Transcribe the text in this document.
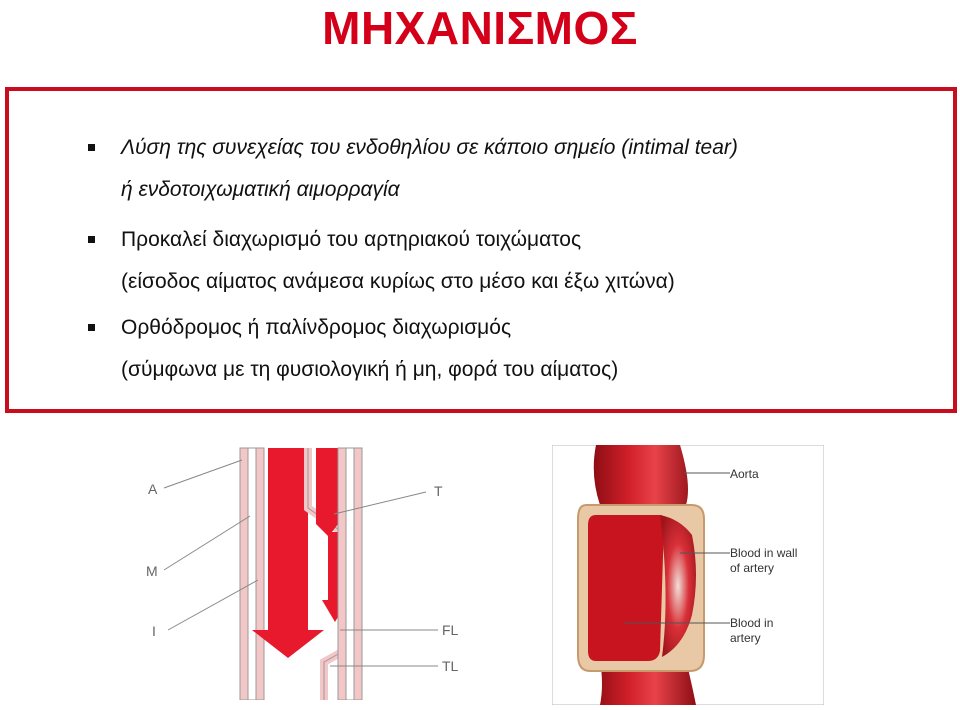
ΜΗΧΑΝΙΣΜΟΣ
Λύση της συνεχείας του ενδοθηλίου σε κάποιο σημείο (intimal tear)
ή ενδοτοιχωματική αιμορραγία
Προκαλεί διαχωρισμό του αρτηριακού τοιχώματος
(είσοδος αίματος ανάμεσα κυρίως στο μέσο και έξω χιτώνα)
Ορθόδρομος ή παλίνδρομος διαχωρισμός
(σύμφωνα με τη φυσιολογική ή μη, φορά του αίματος)
A
M
I
T
FL
TL
Aorta
Blood in wall
of artery
Blood in
artery
